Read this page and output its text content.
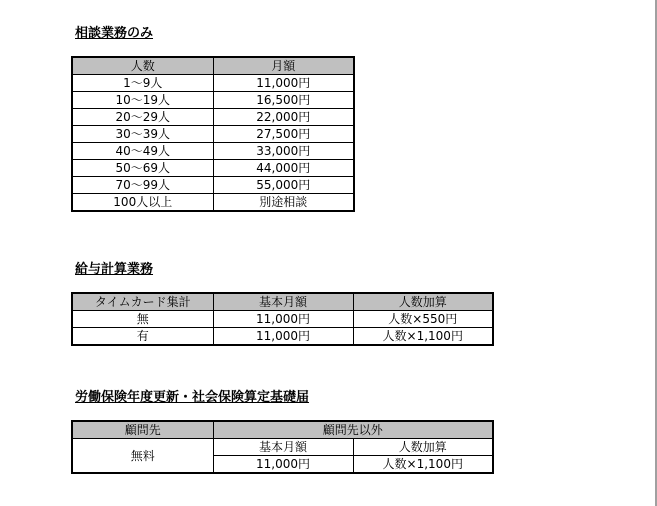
相談業務のみ
人数	月額
1～9人	11,000円
10～19人	16,500円
20～29人	22,000円
30～39人	27,500円
40～49人	33,000円
50～69人	44,000円
70～99人	55,000円
100人以上	別途相談
給与計算業務
タイムカード集計	基本月額	人数加算
無	11,000円	人数×550円
有	11,000円	人数×1,100円
労働保険年度更新・社会保険算定基礎届
顧問先	顧問先以外	
無料	基本月額	人数加算
	11,000円	人数×1,100円
